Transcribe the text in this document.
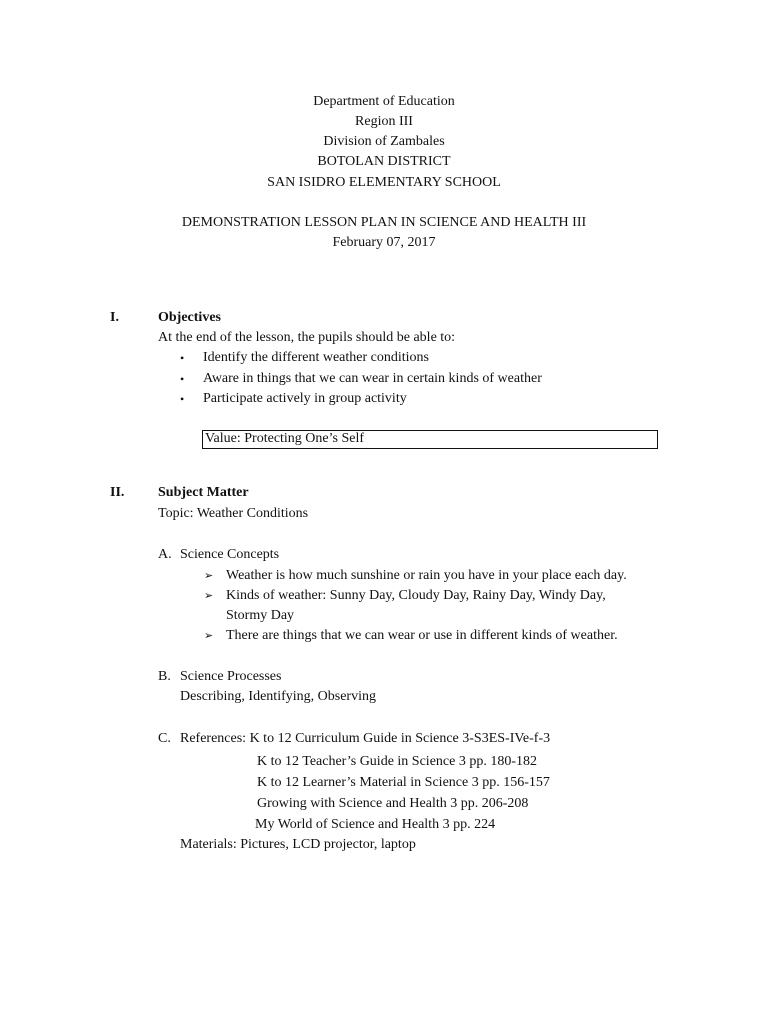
Department of Education
Region III
Division of Zambales
BOTOLAN DISTRICT
SAN ISIDRO ELEMENTARY SCHOOL
DEMONSTRATION LESSON PLAN IN SCIENCE AND HEALTH III
February 07, 2017
I.	Objectives
At the end of the lesson, the pupils should be able to:
• Identify the different weather conditions
• Aware in things that we can wear in certain kinds of weather
• Participate actively in group activity
Value: Protecting One’s Self
II. Subject Matter
Topic: Weather Conditions
A. Science Concepts
➢ Weather is how much sunshine or rain you have in your place each day.
➢ Kinds of weather: Sunny Day, Cloudy Day, Rainy Day, Windy Day,
Stormy Day
➢ There are things that we can wear or use in different kinds of weather.
B. Science Processes
Describing, Identifying, Observing
C. References: K to 12 Curriculum Guide in Science 3-S3ES-IVe-f-3
K to 12 Teacher’s Guide in Science 3 pp. 180-182
K to 12 Learner’s Material in Science 3 pp. 156-157
Growing with Science and Health 3 pp. 206-208
My World of Science and Health 3 pp. 224
Materials: Pictures, LCD projector, laptop
